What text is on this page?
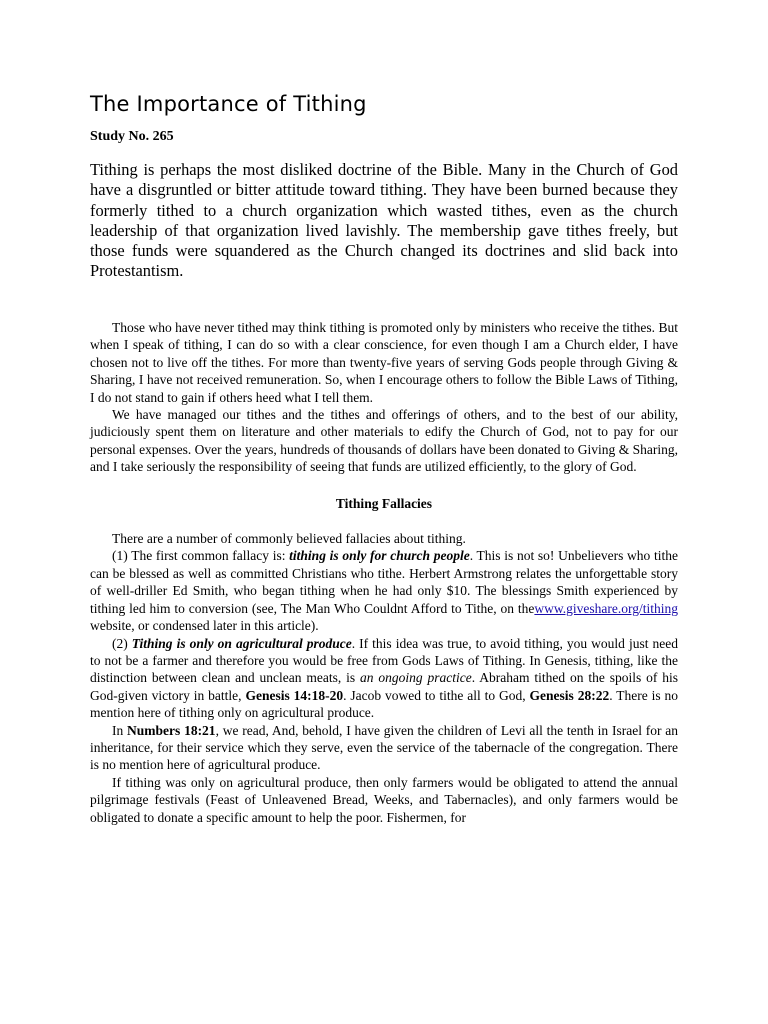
The Importance of Tithing
Study No. 265

Tithing is perhaps the most disliked doctrine of the Bible. Many in the Church of God have a disgruntled or bitter attitude toward tithing. They have been burned because they formerly tithed to a church organization which wasted tithes, even as the church leadership of that organization lived lavishly. The membership gave tithes freely, but those funds were squandered as the Church changed its doctrines and slid back into Protestantism.

Those who have never tithed may think tithing is promoted only by ministers who receive the tithes. But when I speak of tithing, I can do so with a clear conscience, for even though I am a Church elder, I have chosen not to live off the tithes. For more than twenty-five years of serving Gods people through Giving & Sharing, I have not received remuneration. So, when I encourage others to follow the Bible Laws of Tithing, I do not stand to gain if others heed what I tell them.

We have managed our tithes and the tithes and offerings of others, and to the best of our ability, judiciously spent them on literature and other materials to edify the Church of God, not to pay for our personal expenses. Over the years, hundreds of thousands of dollars have been donated to Giving & Sharing, and I take seriously the responsibility of seeing that funds are utilized efficiently, to the glory of God.

Tithing Fallacies

There are a number of commonly believed fallacies about tithing.

(1) The first common fallacy is: tithing is only for church people. This is not so! Unbelievers who tithe can be blessed as well as committed Christians who tithe. Herbert Armstrong relates the unforgettable story of well-driller Ed Smith, who began tithing when he had only $10. The blessings Smith experienced by tithing led him to conversion (see, The Man Who Couldnt Afford to Tithe, on thewww.giveshare.org/tithing website, or condensed later in this article).

(2) Tithing is only on agricultural produce. If this idea was true, to avoid tithing, you would just need to not be a farmer and therefore you would be free from Gods Laws of Tithing. In Genesis, tithing, like the distinction between clean and unclean meats, is an ongoing practice. Abraham tithed on the spoils of his God-given victory in battle, Genesis 14:18-20. Jacob vowed to tithe all to God, Genesis 28:22. There is no mention here of tithing only on agricultural produce.

In Numbers 18:21, we read, And, behold, I have given the children of Levi all the tenth in Israel for an inheritance, for their service which they serve, even the service of the tabernacle of the congregation. There is no mention here of agricultural produce.

If tithing was only on agricultural produce, then only farmers would be obligated to attend the annual pilgrimage festivals (Feast of Unleavened Bread, Weeks, and Tabernacles), and only farmers would be obligated to donate a specific amount to help the poor. Fishermen, for
